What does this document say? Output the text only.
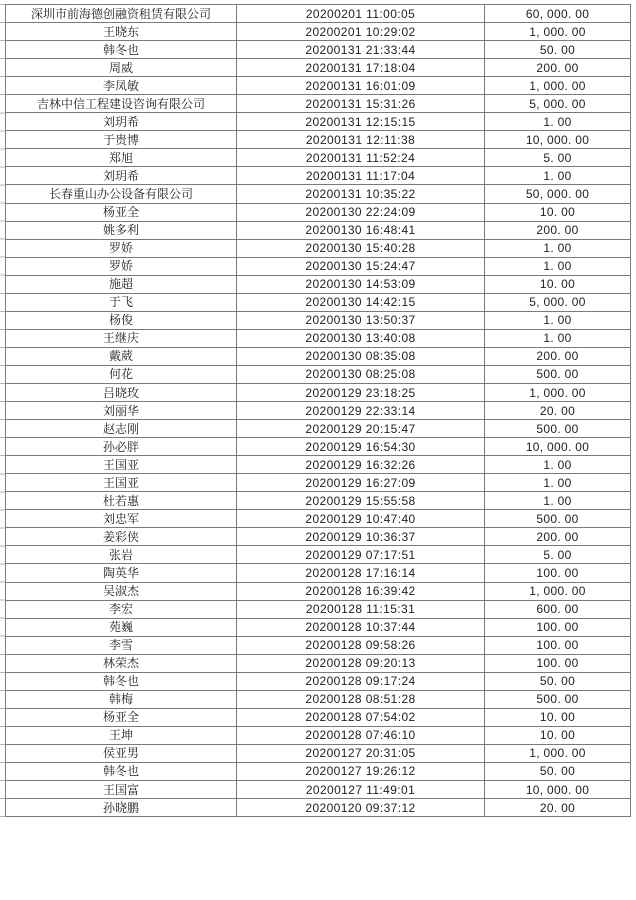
深圳市前海德创融资租赁有限公司	20200201 11:00:05	60, 000. 00
王晓东	20200201 10:29:02	1, 000. 00
韩冬也	20200131 21:33:44	50. 00
周威	20200131 17:18:04	200. 00
李凤敏	20200131 16:01:09	1, 000. 00
吉林中信工程建设咨询有限公司	20200131 15:31:26	5, 000. 00
刘玥希	20200131 12:15:15	1. 00
于贵博	20200131 12:11:38	10, 000. 00
郑旭	20200131 11:52:24	5. 00
刘玥希	20200131 11:17:04	1. 00
长春重山办公设备有限公司	20200131 10:35:22	50, 000. 00
杨亚全	20200130 22:24:09	10. 00
姚多利	20200130 16:48:41	200. 00
罗娇	20200130 15:40:28	1. 00
罗娇	20200130 15:24:47	1. 00
施超	20200130 14:53:09	10. 00
于飞	20200130 14:42:15	5, 000. 00
杨俊	20200130 13:50:37	1. 00
王继庆	20200130 13:40:08	1. 00
戴葳	20200130 08:35:08	200. 00
何花	20200130 08:25:08	500. 00
吕晓玫	20200129 23:18:25	1, 000. 00
刘丽华	20200129 22:33:14	20. 00
赵志刚	20200129 20:15:47	500. 00
孙必胖	20200129 16:54:30	10, 000. 00
王国亚	20200129 16:32:26	1. 00
王国亚	20200129 16:27:09	1. 00
杜若惠	20200129 15:55:58	1. 00
刘忠军	20200129 10:47:40	500. 00
姜彩侠	20200129 10:36:37	200. 00
张岩	20200129 07:17:51	5. 00
陶英华	20200128 17:16:14	100. 00
吴淑杰	20200128 16:39:42	1, 000. 00
李宏	20200128 11:15:31	600. 00
苑巍	20200128 10:37:44	100. 00
李雪	20200128 09:58:26	100. 00
林荣杰	20200128 09:20:13	100. 00
韩冬也	20200128 09:17:24	50. 00
韩梅	20200128 08:51:28	500. 00
杨亚全	20200128 07:54:02	10. 00
王坤	20200128 07:46:10	10. 00
侯亚男	20200127 20:31:05	1, 000. 00
韩冬也	20200127 19:26:12	50. 00
王国富	20200127 11:49:01	10, 000. 00
孙晓鹏	20200120 09:37:12	20. 00
